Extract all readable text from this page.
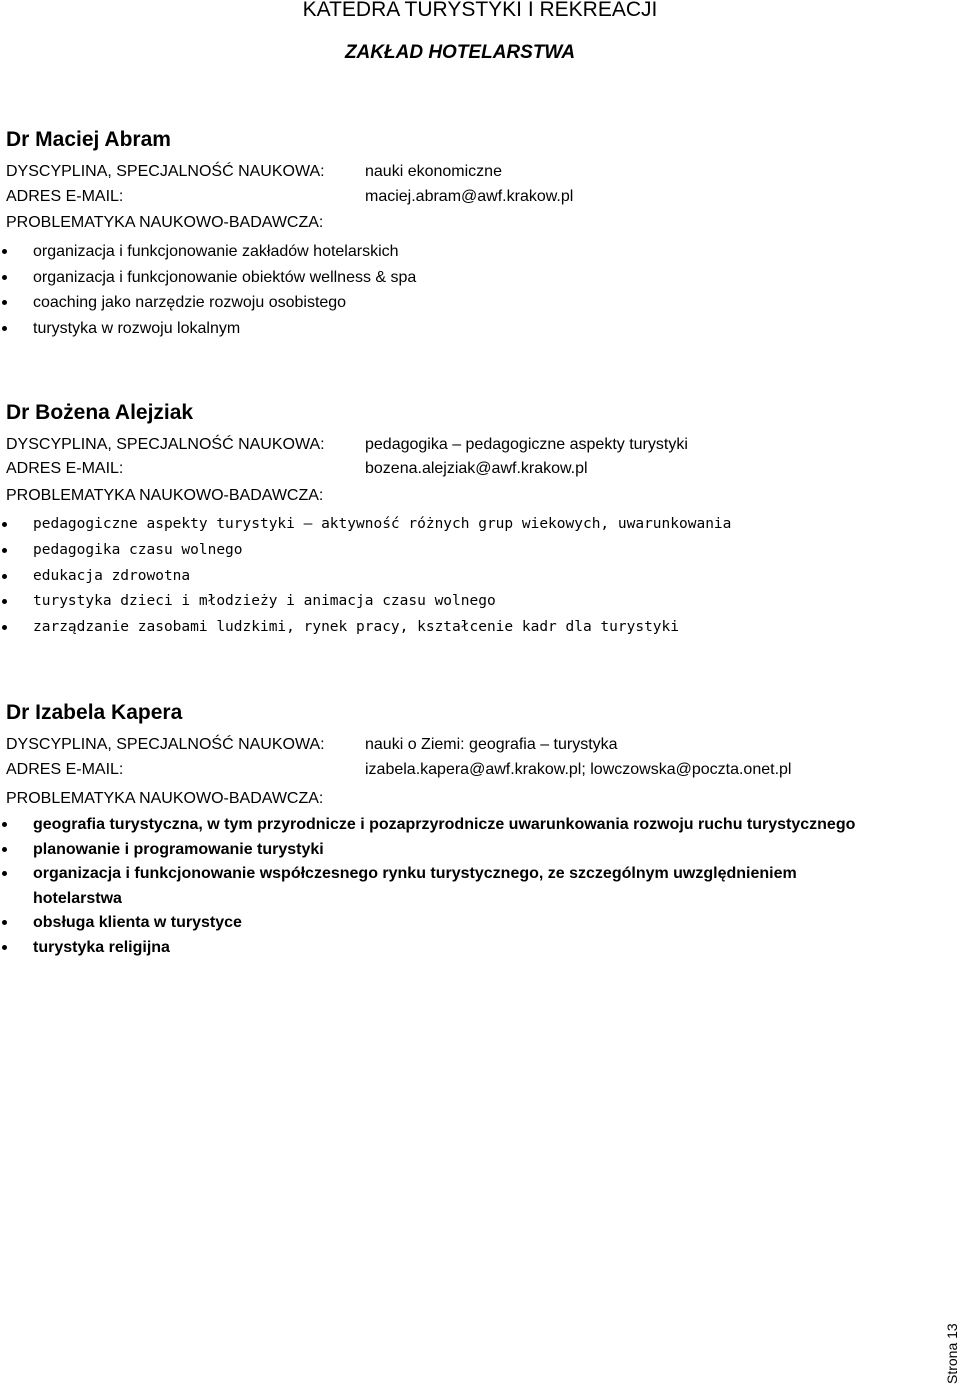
KATEDRA TURYSTYKI I REKREACJI
ZAKŁAD HOTELARSTWA
Dr Maciej Abram
DYSCYPLINA, SPECJALNOŚĆ NAUKOWA:	nauki ekonomiczne
ADRES E-MAIL:	maciej.abram@awf.krakow.pl
PROBLEMATYKA NAUKOWO-BADAWCZA:
organizacja i funkcjonowanie zakładów hotelarskich
organizacja i funkcjonowanie obiektów wellness & spa
coaching jako narzędzie rozwoju osobistego
turystyka w rozwoju lokalnym
Dr Bożena Alejziak
DYSCYPLINA, SPECJALNOŚĆ NAUKOWA:	pedagogika – pedagogiczne aspekty turystyki
ADRES E-MAIL:	bozena.alejziak@awf.krakow.pl
PROBLEMATYKA NAUKOWO-BADAWCZA:
pedagogiczne aspekty turystyki – aktywność różnych grup wiekowych, uwarunkowania
pedagogika czasu wolnego
edukacja zdrowotna
turystyka dzieci i młodzieży i animacja czasu wolnego
zarządzanie zasobami ludzkimi, rynek pracy, kształcenie kadr dla turystyki
Dr Izabela Kapera
DYSCYPLINA, SPECJALNOŚĆ NAUKOWA:	nauki o Ziemi: geografia – turystyka
ADRES E-MAIL:	izabela.kapera@awf.krakow.pl; lowczowska@poczta.onet.pl
PROBLEMATYKA NAUKOWO-BADAWCZA:
geografia turystyczna, w tym przyrodnicze i pozaprzyrodnicze uwarunkowania rozwoju ruchu turystycznego
planowanie i programowanie turystyki
organizacja i funkcjonowanie współczesnego rynku turystycznego, ze szczególnym uwzględnieniem hotelarstwa
obsługa klienta w turystyce
turystyka religijna
Strona 13
